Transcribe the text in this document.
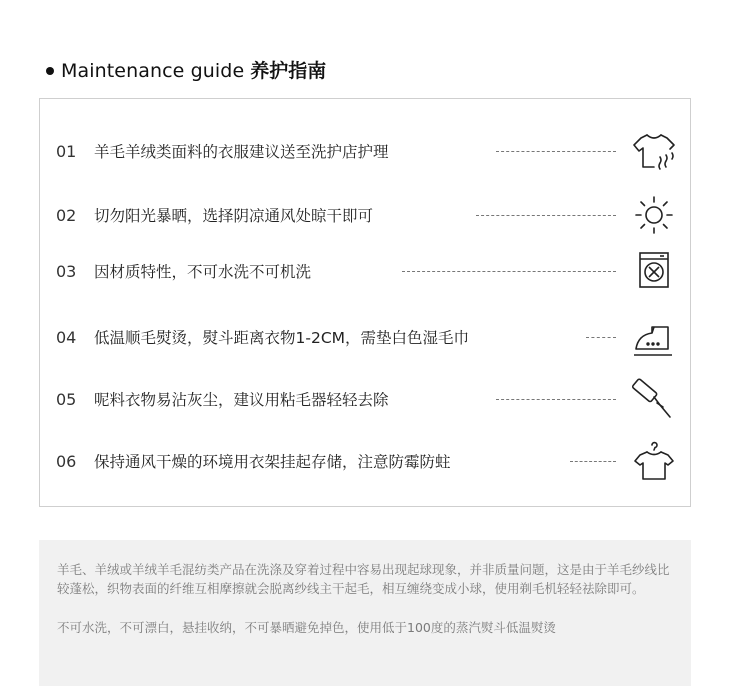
Maintenance guide 养护指南
01 羊毛羊绒类面料的衣服建议送至洗护店护理
02 切勿阳光暴晒，选择阴凉通风处晾干即可
03 因材质特性，不可水洗不可机洗
04 低温顺毛熨烫，熨斗距离衣物1-2CM，需垫白色湿毛巾
05 呢料衣物易沾灰尘，建议用粘毛器轻轻去除
06 保持通风干燥的环境用衣架挂起存储，注意防霉防蛀

羊毛、羊绒或羊绒羊毛混纺类产品在洗涤及穿着过程中容易出现起球现象，并非质量问题，这是由于羊毛纱线比较蓬松，织物表面的纤维互相摩擦就会脱离纱线主干起毛，相互缠绕变成小球，使用剃毛机轻轻祛除即可。

不可水洗，不可漂白，悬挂收纳，不可暴晒避免掉色，使用低于100度的蒸汽熨斗低温熨烫
